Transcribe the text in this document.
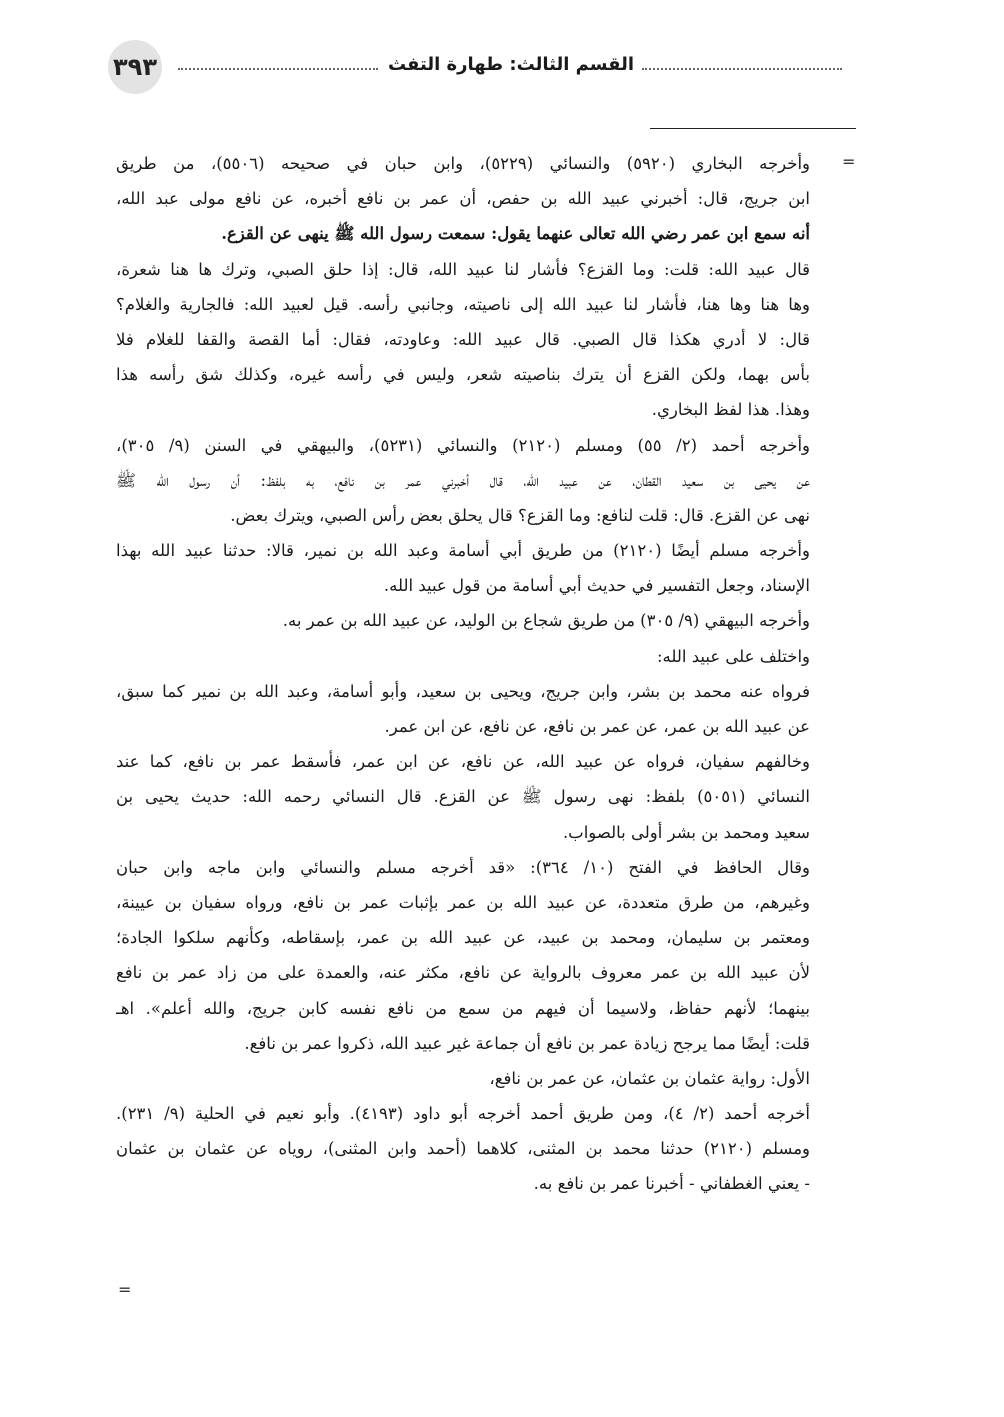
٣٩٣	القسم الثالث: طهارة التفث
=
وأخرجه البخاري (٥٩٢٠) والنسائي (٥٢٢٩)، وابن حبان في صحيحه (٥٥٠٦)، من طريق
ابن جريج، قال: أخبرني عبيد الله بن حفص، أن عمر بن نافع أخبره، عن نافع مولى عبد الله،
أنه سمع ابن عمر رضي الله تعالى عنهما يقول: سمعت رسول الله ﷺ ينهى عن القزع.
قال عبيد الله: قلت: وما القزع؟ فأشار لنا عبيد الله، قال: إذا حلق الصبي، وترك ها هنا شعرة،
وها هنا وها هنا، فأشار لنا عبيد الله إلى ناصيته، وجانبي رأسه. قيل لعبيد الله: فالجارية والغلام؟
قال: لا أدري هكذا قال الصبي. قال عبيد الله: وعاودته، فقال: أما القصة والقفا للغلام فلا
بأس بهما، ولكن القزع أن يترك بناصيته شعر، وليس في رأسه غيره، وكذلك شق رأسه هذا
وهذا. هذا لفظ البخاري.
وأخرجه أحمد (٢/ ٥٥) ومسلم (٢١٢٠) والنسائي (٥٢٣١)، والبيهقي في السنن (٩/ ٣٠٥)،
عن يحيى بن سعيد القطان، عن عبيد الله، قال أخبرني عمر بن نافع، به بلفظ: أن رسول الله ﷺ
نهى عن القزع. قال: قلت لنافع: وما القزع؟ قال يحلق بعض رأس الصبي، ويترك بعض.
وأخرجه مسلم أيضًا (٢١٢٠) من طريق أبي أسامة وعبد الله بن نمير، قالا: حدثنا عبيد الله بهذا
الإسناد، وجعل التفسير في حديث أبي أسامة من قول عبيد الله.
وأخرجه البيهقي (٩/ ٣٠٥) من طريق شجاع بن الوليد، عن عبيد الله بن عمر به.
واختلف على عبيد الله:
فرواه عنه محمد بن بشر، وابن جريج، ويحيى بن سعيد، وأبو أسامة، وعبد الله بن نمير كما سبق،
عن عبيد الله بن عمر، عن عمر بن نافع، عن نافع، عن ابن عمر.
وخالفهم سفيان، فرواه عن عبيد الله، عن نافع، عن ابن عمر، فأسقط عمر بن نافع، كما عند
النسائي (٥٠٥١) بلفظ: نهى رسول ﷺ عن القزع. قال النسائي رحمه الله: حديث يحيى بن
سعيد ومحمد بن بشر أولى بالصواب.
وقال الحافظ في الفتح (١٠/ ٣٦٤): «قد أخرجه مسلم والنسائي وابن ماجه وابن حبان
وغيرهم، من طرق متعددة، عن عبيد الله بن عمر بإثبات عمر بن نافع، ورواه سفيان بن عيينة،
ومعتمر بن سليمان، ومحمد بن عبيد، عن عبيد الله بن عمر، بإسقاطه، وكأنهم سلكوا الجادة؛
لأن عبيد الله بن عمر معروف بالرواية عن نافع، مكثر عنه، والعمدة على من زاد عمر بن نافع
بينهما؛ لأنهم حفاظ، ولاسيما أن فيهم من سمع من نافع نفسه كابن جريج، والله أعلم». اهـ
قلت: أيضًا مما يرجح زيادة عمر بن نافع أن جماعة غير عبيد الله، ذكروا عمر بن نافع.
الأول: رواية عثمان بن عثمان، عن عمر بن نافع،
أخرجه أحمد (٢/ ٤)، ومن طريق أحمد أخرجه أبو داود (٤١٩٣). وأبو نعيم في الحلية (٩/ ٢٣١).
ومسلم (٢١٢٠) حدثنا محمد بن المثنى، كلاهما (أحمد وابن المثنى)، روياه عن عثمان بن عثمان
- يعني الغطفاني - أخبرنا عمر بن نافع به.
=
